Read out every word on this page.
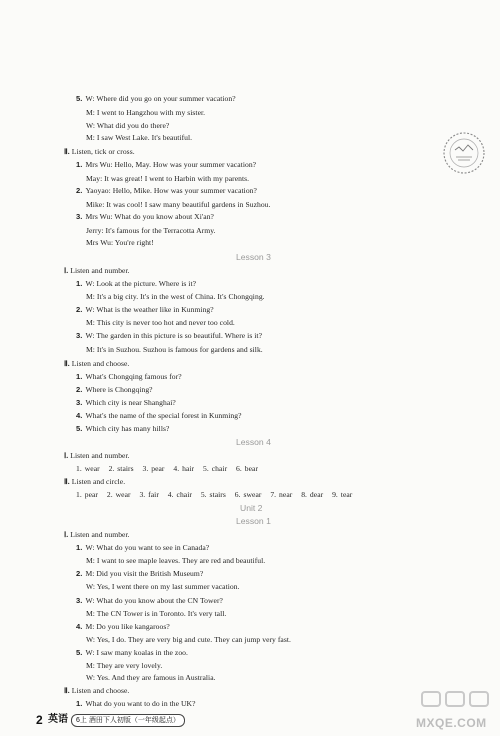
5. W: Where did you go on your summer vacation?
M: I went to Hangzhou with my sister.
W: What did you do there?
M: I saw West Lake. It's beautiful.
Ⅱ. Listen, tick or cross.
1. Mrs Wu: Hello, May. How was your summer vacation?
May: It was great! I went to Harbin with my parents.
2. Yaoyao: Hello, Mike. How was your summer vacation?
Mike: It was cool! I saw many beautiful gardens in Suzhou.
3. Mrs Wu: What do you know about Xi'an?
Jerry: It's famous for the Terracotta Army.
Mrs Wu: You're right!
Lesson 3
Ⅰ. Listen and number.
1. W: Look at the picture. Where is it?
M: It's a big city. It's in the west of China. It's Chongqing.
2. W: What is the weather like in Kunming?
M: This city is never too hot and never too cold.
3. W: The garden in this picture is so beautiful. Where is it?
M: It's in Suzhou. Suzhou is famous for gardens and silk.
Ⅱ. Listen and choose.
1. What's Chongqing famous for?
2. Where is Chongqing?
3. Which city is near Shanghai?
4. What's the name of the special forest in Kunming?
5. Which city has many hills?
Lesson 4
Ⅰ. Listen and number.
1. wear 2. stairs 3. pear 4. hair 5. chair 6. bear
Ⅱ. Listen and circle.
1. pear 2. wear 3. fair 4. chair 5. stairs 6. swear 7. near 8. dear 9. tear
Unit 2
Lesson 1
Ⅰ. Listen and number.
1. W: What do you want to see in Canada?
M: I want to see maple leaves. They are red and beautiful.
2. M: Did you visit the British Museum?
W: Yes, I went there on my last summer vacation.
3. W: What do you know about the CN Tower?
M: The CN Tower is in Toronto. It's very tall.
4. M: Do you like kangaroos?
W: Yes, I do. They are very big and cute. They can jump very fast.
5. W: I saw many koalas in the zoo.
M: They are very lovely.
W: Yes. And they are famous in Australia.
Ⅱ. Listen and choose.
1. What do you want to do in the UK?
2 英语	6上 酒田下人初版（一年级起点）	MXQE.COM
